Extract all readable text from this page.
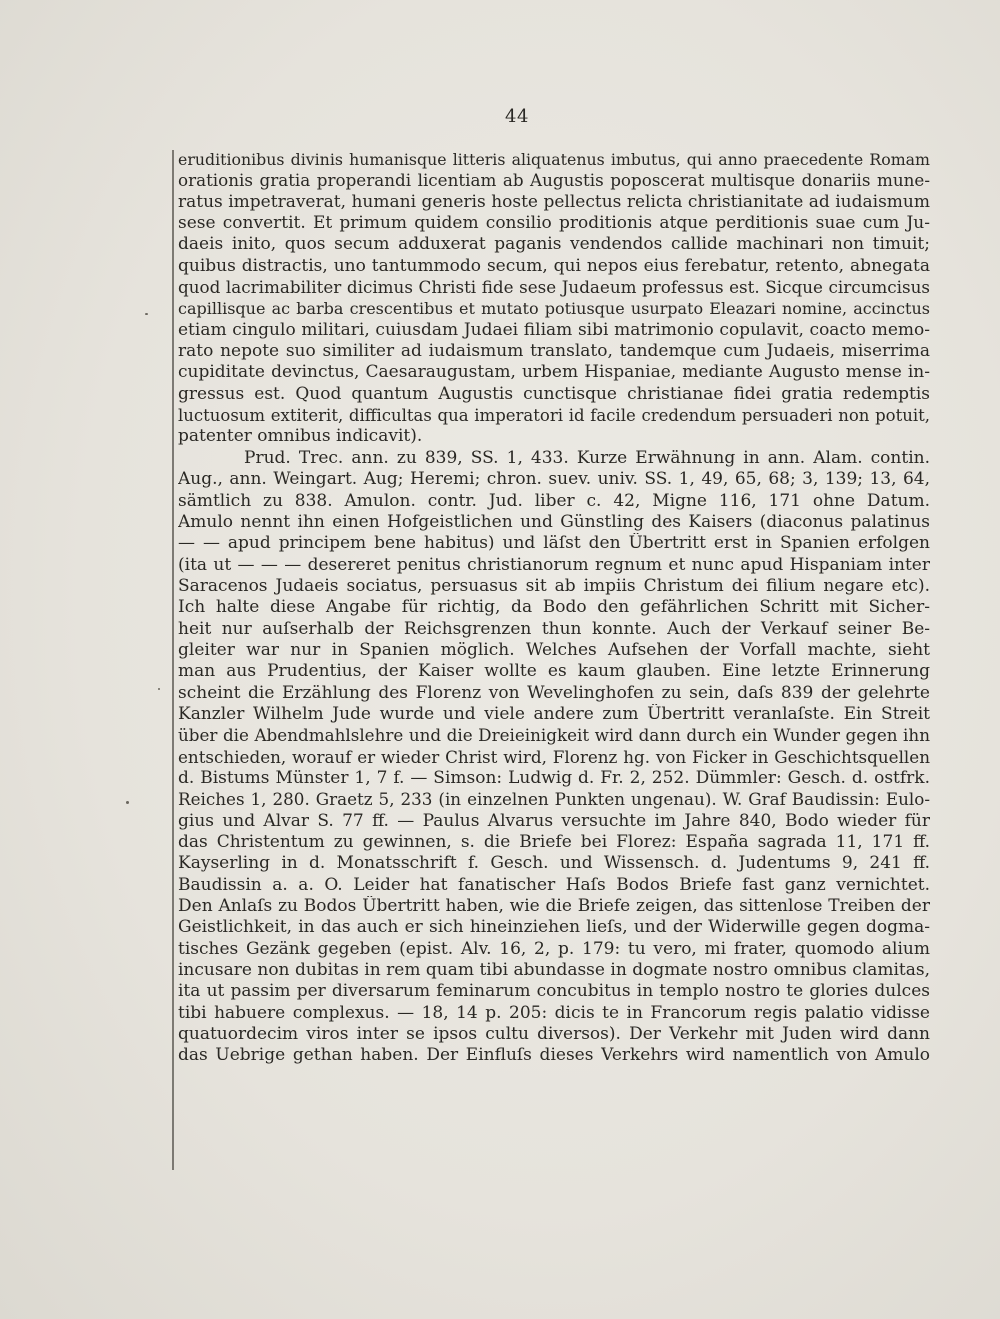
44
eruditionibus divinis humanisque litteris aliquatenus imbutus, qui anno praecedente Romam
orationis gratia properandi licentiam ab Augustis poposcerat multisque donariis mune-
ratus impetraverat, humani generis hoste pellectus relicta christianitate ad iudaismum
sese convertit. Et primum quidem consilio proditionis atque perditionis suae cum Ju-
daeis inito, quos secum adduxerat paganis vendendos callide machinari non timuit;
quibus distractis, uno tantummodo secum, qui nepos eius ferebatur, retento, abnegata
quod lacrimabiliter dicimus Christi fide sese Judaeum professus est. Sicque circumcisus
capillisque ac barba crescentibus et mutato potiusque usurpato Eleazari nomine, accinctus
etiam cingulo militari, cuiusdam Judaei filiam sibi matrimonio copulavit, coacto memo-
rato nepote suo similiter ad iudaismum translato, tandemque cum Judaeis, miserrima
cupiditate devinctus, Caesaraugustam, urbem Hispaniae, mediante Augusto mense in-
gressus est. Quod quantum Augustis cunctisque christianae fidei gratia redemptis
luctuosum extiterit, difficultas qua imperatori id facile credendum persuaderi non potuit,
patenter omnibus indicavit).
Prud. Trec. ann. zu 839, SS. 1, 433. Kurze Erwähnung in ann. Alam. contin.
Aug., ann. Weingart. Aug; Heremi; chron. suev. univ. SS. 1, 49, 65, 68; 3, 139; 13, 64,
sämtlich zu 838. Amulon. contr. Jud. liber c. 42, Migne 116, 171 ohne Datum.
Amulo nennt ihn einen Hofgeistlichen und Günstling des Kaisers (diaconus palatinus
— — apud principem bene habitus) und läſst den Übertritt erst in Spanien erfolgen
(ita ut — — — desereret penitus christianorum regnum et nunc apud Hispaniam inter
Saracenos Judaeis sociatus, persuasus sit ab impiis Christum dei filium negare etc).
Ich halte diese Angabe für richtig, da Bodo den gefährlichen Schritt mit Sicher-
heit nur auſserhalb der Reichsgrenzen thun konnte. Auch der Verkauf seiner Be-
gleiter war nur in Spanien möglich. Welches Aufsehen der Vorfall machte, sieht
man aus Prudentius, der Kaiser wollte es kaum glauben. Eine letzte Erinnerung
scheint die Erzählung des Florenz von Wevelinghofen zu sein, daſs 839 der gelehrte
Kanzler Wilhelm Jude wurde und viele andere zum Übertritt veranlaſste. Ein Streit
über die Abendmahlslehre und die Dreieinigkeit wird dann durch ein Wunder gegen ihn
entschieden, worauf er wieder Christ wird, Florenz hg. von Ficker in Geschichtsquellen
d. Bistums Münster 1, 7 f. — Simson: Ludwig d. Fr. 2, 252. Dümmler: Gesch. d. ostfrk.
Reiches 1, 280. Graetz 5, 233 (in einzelnen Punkten ungenau). W. Graf Baudissin: Eulo-
gius und Alvar S. 77 ff. — Paulus Alvarus versuchte im Jahre 840, Bodo wieder für
das Christentum zu gewinnen, s. die Briefe bei Florez: España sagrada 11, 171 ff.
Kayserling in d. Monatsschrift f. Gesch. und Wissensch. d. Judentums 9, 241 ff.
Baudissin a. a. O. Leider hat fanatischer Haſs Bodos Briefe fast ganz vernichtet.
Den Anlaſs zu Bodos Übertritt haben, wie die Briefe zeigen, das sittenlose Treiben der
Geistlichkeit, in das auch er sich hineinziehen lieſs, und der Widerwille gegen dogma-
tisches Gezänk gegeben (epist. Alv. 16, 2, p. 179: tu vero, mi frater, quomodo alium
incusare non dubitas in rem quam tibi abundasse in dogmate nostro omnibus clamitas,
ita ut passim per diversarum feminarum concubitus in templo nostro te glories dulces
tibi habuere complexus. — 18, 14 p. 205: dicis te in Francorum regis palatio vidisse
quatuordecim viros inter se ipsos cultu diversos). Der Verkehr mit Juden wird dann
das Uebrige gethan haben. Der Einfluſs dieses Verkehrs wird namentlich von Amulo
